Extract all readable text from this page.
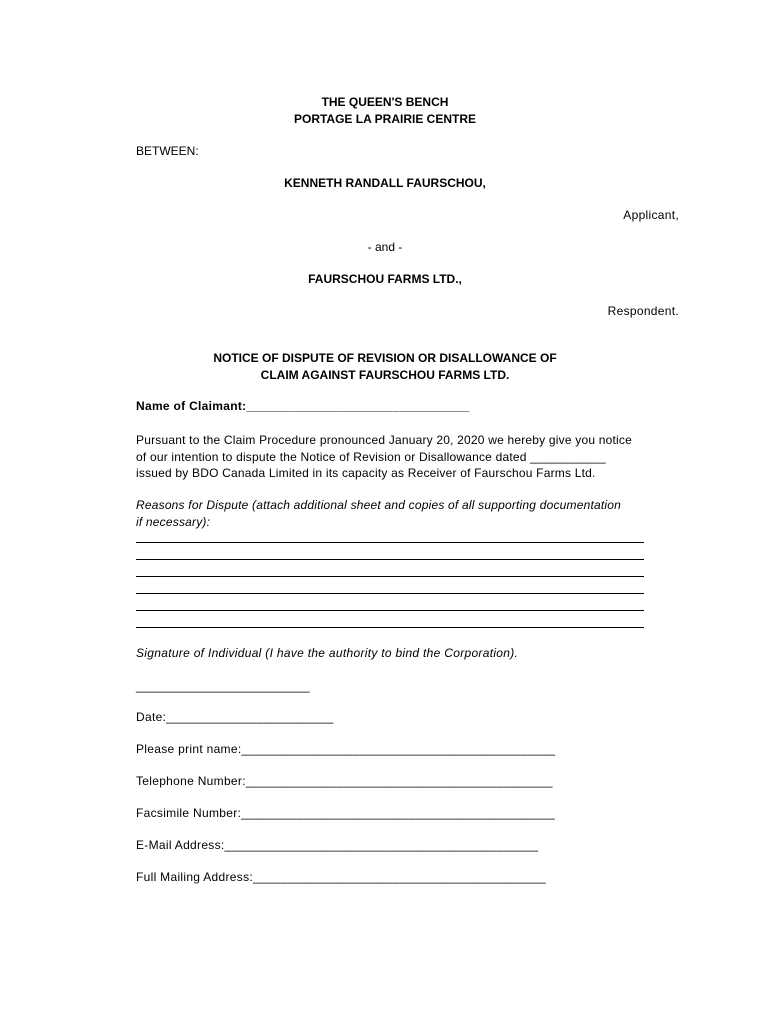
THE QUEEN'S BENCH
PORTAGE LA PRAIRIE CENTRE
BETWEEN:
KENNETH RANDALL FAURSCHOU,
Applicant,
- and -
FAURSCHOU FARMS LTD.,
Respondent.
NOTICE OF DISPUTE OF REVISION OR DISALLOWANCE OF
CLAIM AGAINST FAURSCHOU FARMS LTD.
Name of Claimant:________________________________
Pursuant to the Claim Procedure pronounced January 20, 2020 we hereby give you notice
of our intention to dispute the Notice of Revision or Disallowance dated ___________
issued by BDO Canada Limited in its capacity as Receiver of Faurschou Farms Ltd.
Reasons for Dispute (attach additional sheet and copies of all supporting documentation
if necessary):
Signature of Individual (I have the authority to bind the Corporation).
__________________________
Date:________________________
Please print name:_____________________________________________
Telephone Number:____________________________________________
Facsimile Number:_____________________________________________
E-Mail Address:_____________________________________________
Full Mailing Address:__________________________________________
